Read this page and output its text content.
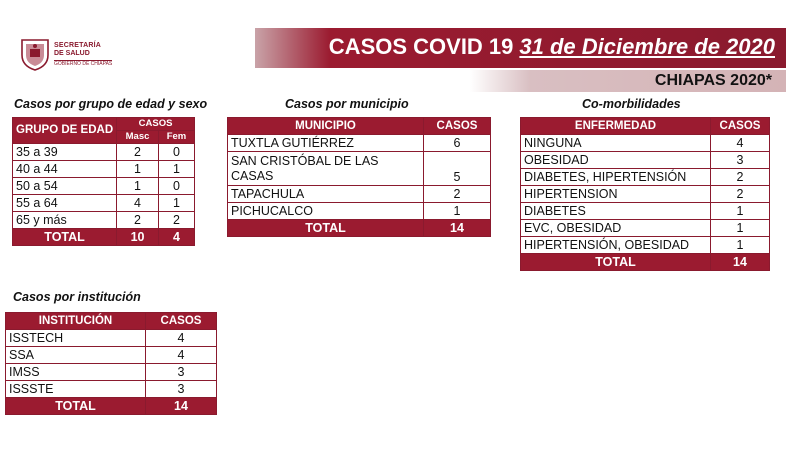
SECRETARÍA
DE SALUD
GOBIERNO DE CHIAPAS
CASOS COVID 19 31 de Diciembre de 2020
CHIAPAS 2020*
Casos por grupo de edad y sexo
GRUPO DE EDAD	CASOS	
	Masc	Fem
35 a 39	2	0
40 a 44	1	1
50 a 54	1	0
55 a 64	4	1
65 y más	2	2
TOTAL	10	4
Casos por municipio
MUNICIPIO	CASOS
TUXTLA GUTIÉRREZ	6

SAN CRISTÓBAL DE LAS
CASAS	5
TAPACHULA	2
PICHUCALCO	1
TOTAL	14
Co-morbilidades
ENFERMEDAD	CASOS
NINGUNA	4
OBESIDAD	3
DIABETES, HIPERTENSIÓN	2
HIPERTENSION	2
DIABETES	1
EVC, OBESIDAD	1
HIPERTENSIÓN, OBESIDAD	1
TOTAL	14
Casos por institución
INSTITUCIÓN	CASOS
ISSTECH	4
SSA	4
IMSS	3
ISSSTE	3
TOTAL	14
